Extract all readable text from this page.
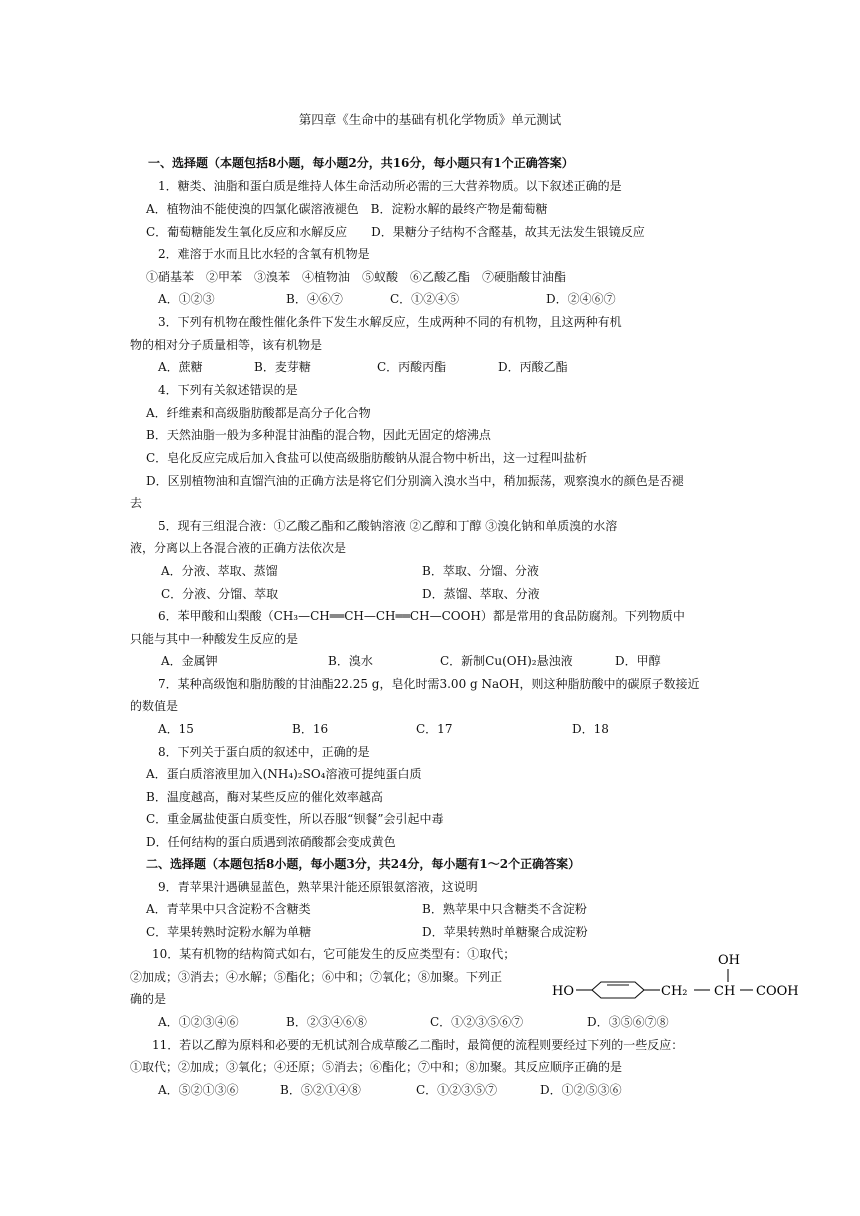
第四章《生命中的基础有机化学物质》单元测试
一、选择题（本题包括8小题，每小题2分，共16分，每小题只有1个正确答案）
1．糖类、油脂和蛋白质是维持人体生命活动所必需的三大营养物质。以下叙述正确的是
A．植物油不能使溴的四氯化碳溶液褪色　B．淀粉水解的最终产物是葡萄糖
C．葡萄糖能发生氧化反应和水解反应　　D．果糖分子结构不含醛基，故其无法发生银镜反应
2．难溶于水而且比水轻的含氧有机物是
①硝基苯　②甲苯　③溴苯　④植物油　⑤蚁酸　⑥乙酸乙酯　⑦硬脂酸甘油酯
A．①②③	B．④⑥⑦	C．①②④⑤	D．②④⑥⑦
3．下列有机物在酸性催化条件下发生水解反应，生成两种不同的有机物，且这两种有机
物的相对分子质量相等，该有机物是
A．蔗糖	B．麦芽糖	C．丙酸丙酯	D．丙酸乙酯
4．下列有关叙述错误的是
A．纤维素和高级脂肪酸都是高分子化合物
B．天然油脂一般为多种混甘油酯的混合物，因此无固定的熔沸点
C．皂化反应完成后加入食盐可以使高级脂肪酸钠从混合物中析出，这一过程叫盐析
D．区别植物油和直馏汽油的正确方法是将它们分别滴入溴水当中，稍加振荡，观察溴水的颜色是否褪
去
5．现有三组混合液：①乙酸乙酯和乙酸钠溶液 ②乙醇和丁醇 ③溴化钠和单质溴的水溶
液，分离以上各混合液的正确方法依次是
A．分液、萃取、蒸馏	B．萃取、分馏、分液
C．分液、分馏、萃取	D．蒸馏、萃取、分液
6．苯甲酸和山梨酸（CH₃—CH══CH—CH══CH—COOH）都是常用的食品防腐剂。下列物质中
只能与其中一种酸发生反应的是
A．金属钾	B．溴水	C．新制Cu(OH)₂悬浊液	D．甲醇
7．某种高级饱和脂肪酸的甘油酯22.25 g，皂化时需3.00 g NaOH，则这种脂肪酸中的碳原子数接近
的数值是
A．15	B．16	C．17	D．18
8．下列关于蛋白质的叙述中，正确的是
A．蛋白质溶液里加入(NH₄)₂SO₄溶液可提纯蛋白质
B．温度越高，酶对某些反应的催化效率越高
C．重金属盐使蛋白质变性，所以吞服“钡餐”会引起中毒
D．任何结构的蛋白质遇到浓硝酸都会变成黄色
二、选择题（本题包括8小题，每小题3分，共24分，每小题有1～2个正确答案）
9．青苹果汁遇碘显蓝色，熟苹果汁能还原银氨溶液，这说明
A．青苹果中只含淀粉不含糖类	B．熟苹果中只含糖类不含淀粉
C．苹果转熟时淀粉水解为单糖	D．苹果转熟时单糖聚合成淀粉
10．某有机物的结构简式如右，它可能发生的反应类型有：①取代；
②加成；③消去；④水解；⑤酯化；⑥中和；⑦氧化；⑧加聚。下列正
确的是
OH
HO	CH₂ CH COOH
A．①②③④⑥	B．②③④⑥⑧	C．①②③⑤⑥⑦	D．③⑤⑥⑦⑧
11．若以乙醇为原料和必要的无机试剂合成草酸乙二酯时，最简便的流程则要经过下列的一些反应：
①取代；②加成；③氧化；④还原；⑤消去；⑥酯化；⑦中和；⑧加聚。其反应顺序正确的是
A．⑤②①③⑥	B．⑤②①④⑧	C．①②③⑤⑦	D．①②⑤③⑥
